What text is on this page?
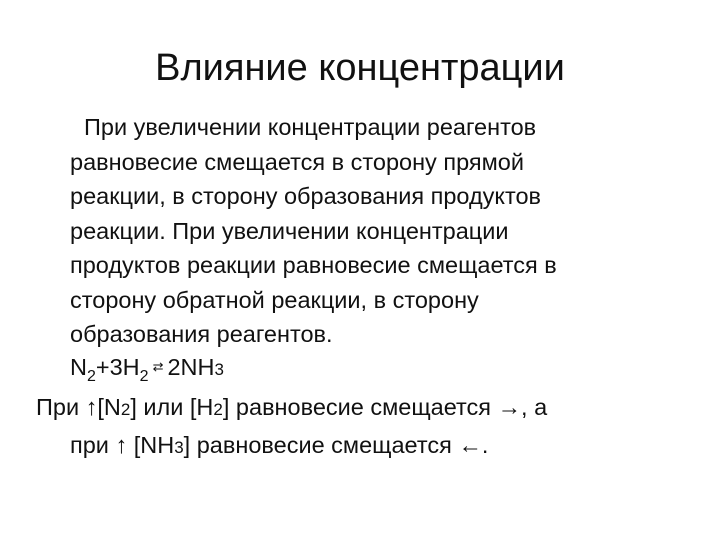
Влияние концентрации
При увеличении концентрации реагентов
равновесие смещается в сторону прямой
реакции, в сторону образования продуктов
реакции. При увеличении концентрации
продуктов реакции равновесие смещается в
сторону обратной реакции, в сторону
образования реагентов.
$N_2+3H_2⇄$ 2NH3
При ↑[N2] или [H2] равновесие смещается →, а
при ↑ [NH3] равновесие смещается ←.
